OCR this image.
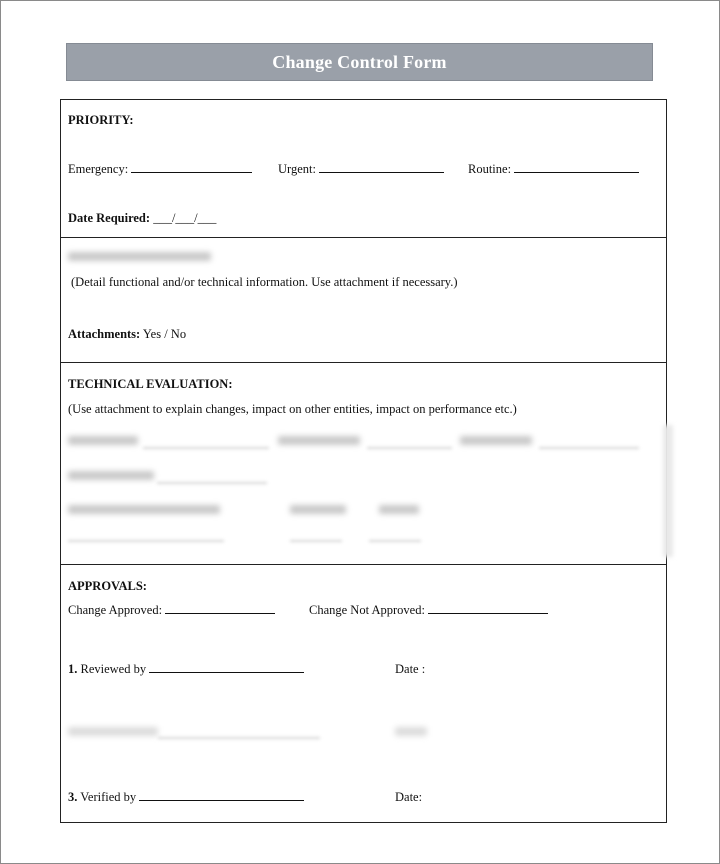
Change Control Form
PRIORITY:
Emergency:	Urgent:	Routine:
Date Required: ___/___/___
(Detail functional and/or technical information. Use attachment if necessary.)
Attachments: Yes / No
TECHNICAL EVALUATION:
(Use attachment to explain changes, impact on other entities, impact on performance etc.)
APPROVALS:
Change Approved:	Change Not Approved:
1. Reviewed by	Date :
3. Verified by	Date:
